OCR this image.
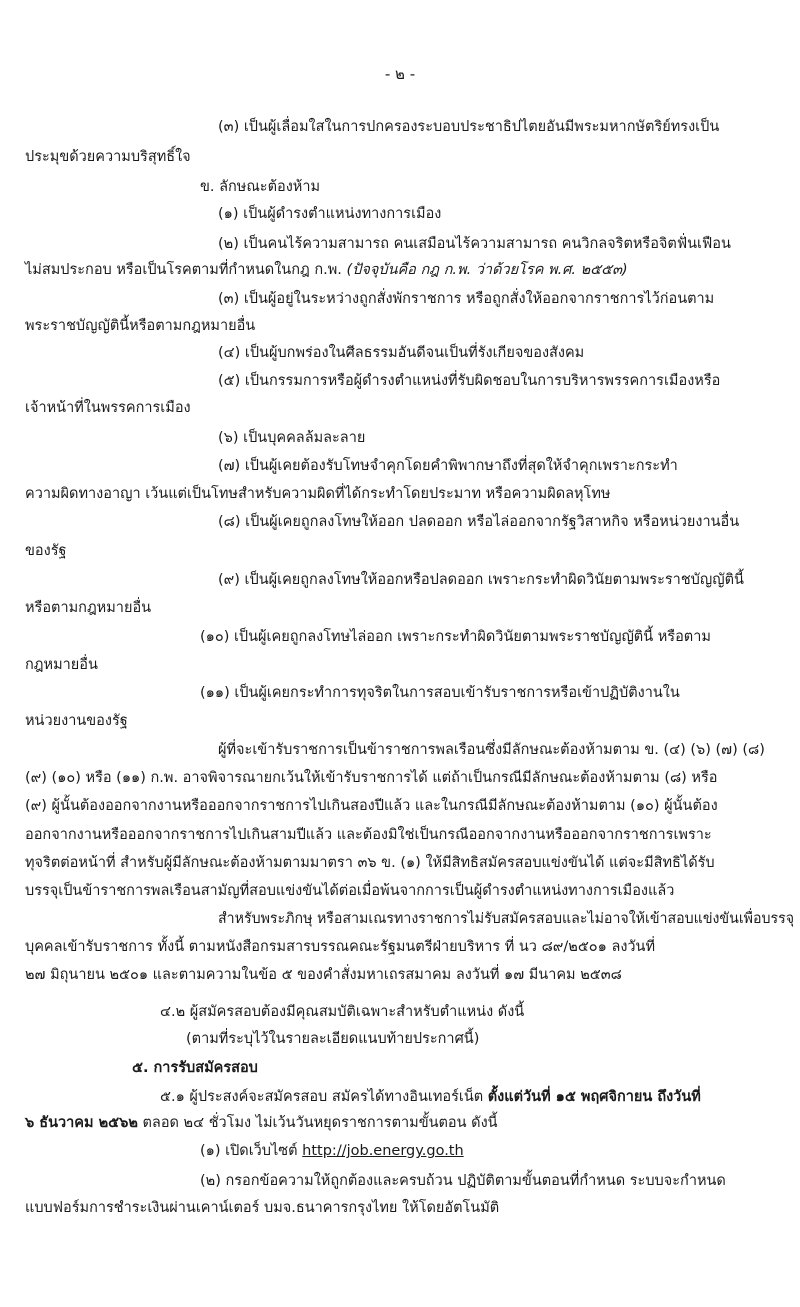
- ๒ -
(๓) เป็นผู้เลื่อมใสในการปกครองระบอบประชาธิปไตยอันมีพระมหากษัตริย์ทรงเป็น
ประมุขด้วยความบริสุทธิ์ใจ
ข. ลักษณะต้องห้าม
(๑) เป็นผู้ดำรงตำแหน่งทางการเมือง
(๒) เป็นคนไร้ความสามารถ คนเสมือนไร้ความสามารถ คนวิกลจริตหรือจิตฟั่นเฟือน
ไม่สมประกอบ หรือเป็นโรคตามที่กำหนดในกฎ ก.พ. (ปัจจุบันคือ กฎ ก.พ. ว่าด้วยโรค พ.ศ. ๒๕๕๓)
(๓) เป็นผู้อยู่ในระหว่างถูกสั่งพักราชการ หรือถูกสั่งให้ออกจากราชการไว้ก่อนตาม
พระราชบัญญัตินี้หรือตามกฎหมายอื่น
(๔) เป็นผู้บกพร่องในศีลธรรมอันดีจนเป็นที่รังเกียจของสังคม
(๕) เป็นกรรมการหรือผู้ดำรงตำแหน่งที่รับผิดชอบในการบริหารพรรคการเมืองหรือ
เจ้าหน้าที่ในพรรคการเมือง
(๖) เป็นบุคคลล้มละลาย
(๗) เป็นผู้เคยต้องรับโทษจำคุกโดยคำพิพากษาถึงที่สุดให้จำคุกเพราะกระทำ
ความผิดทางอาญา เว้นแต่เป็นโทษสำหรับความผิดที่ได้กระทำโดยประมาท หรือความผิดลหุโทษ
(๘) เป็นผู้เคยถูกลงโทษให้ออก ปลดออก หรือไล่ออกจากรัฐวิสาหกิจ หรือหน่วยงานอื่น
ของรัฐ
(๙) เป็นผู้เคยถูกลงโทษให้ออกหรือปลดออก เพราะกระทำผิดวินัยตามพระราชบัญญัตินี้
หรือตามกฎหมายอื่น
(๑๐) เป็นผู้เคยถูกลงโทษไล่ออก เพราะกระทำผิดวินัยตามพระราชบัญญัตินี้ หรือตาม
กฎหมายอื่น
(๑๑) เป็นผู้เคยกระทำการทุจริตในการสอบเข้ารับราชการหรือเข้าปฏิบัติงานใน
หน่วยงานของรัฐ
ผู้ที่จะเข้ารับราชการเป็นข้าราชการพลเรือนซึ่งมีลักษณะต้องห้ามตาม ข. (๔) (๖) (๗) (๘)
(๙) (๑๐) หรือ (๑๑) ก.พ. อาจพิจารณายกเว้นให้เข้ารับราชการได้ แต่ถ้าเป็นกรณีมีลักษณะต้องห้ามตาม (๘) หรือ
(๙) ผู้นั้นต้องออกจากงานหรือออกจากราชการไปเกินสองปีแล้ว และในกรณีมีลักษณะต้องห้ามตาม (๑๐) ผู้นั้นต้อง
ออกจากงานหรือออกจากราชการไปเกินสามปีแล้ว และต้องมิใช่เป็นกรณีออกจากงานหรือออกจากราชการเพราะ
ทุจริตต่อหน้าที่ สำหรับผู้มีลักษณะต้องห้ามตามมาตรา ๓๖ ข. (๑) ให้มีสิทธิสมัครสอบแข่งขันได้ แต่จะมีสิทธิได้รับ
บรรจุเป็นข้าราชการพลเรือนสามัญที่สอบแข่งขันได้ต่อเมื่อพ้นจากการเป็นผู้ดำรงตำแหน่งทางการเมืองแล้ว
สำหรับพระภิกษุ หรือสามเณรทางราชการไม่รับสมัครสอบและไม่อาจให้เข้าสอบแข่งขันเพื่อบรรจุ
บุคคลเข้ารับราชการ ทั้งนี้ ตามหนังสือกรมสารบรรณคณะรัฐมนตรีฝ่ายบริหาร ที่ นว ๘๙/๒๕๐๑ ลงวันที่
๒๗ มิถุนายน ๒๕๐๑ และตามความในข้อ ๕ ของคำสั่งมหาเถรสมาคม ลงวันที่ ๑๗ มีนาคม ๒๕๓๘
๔.๒ ผู้สมัครสอบต้องมีคุณสมบัติเฉพาะสำหรับตำแหน่ง ดังนี้
(ตามที่ระบุไว้ในรายละเอียดแนบท้ายประกาศนี้)
๕. การรับสมัครสอบ
๕.๑ ผู้ประสงค์จะสมัครสอบ สมัครได้ทางอินเทอร์เน็ต ตั้งแต่วันที่ ๑๕ พฤศจิกายน ถึงวันที่
๖ ธันวาคม ๒๕๖๒ ตลอด ๒๔ ชั่วโมง ไม่เว้นวันหยุดราชการตามขั้นตอน ดังนี้
(๑) เปิดเว็บไซต์ http://job.energy.go.th
(๒) กรอกข้อความให้ถูกต้องและครบถ้วน ปฏิบัติตามขั้นตอนที่กำหนด ระบบจะกำหนด
แบบฟอร์มการชำระเงินผ่านเคาน์เตอร์ บมจ.ธนาคารกรุงไทย ให้โดยอัตโนมัติ
